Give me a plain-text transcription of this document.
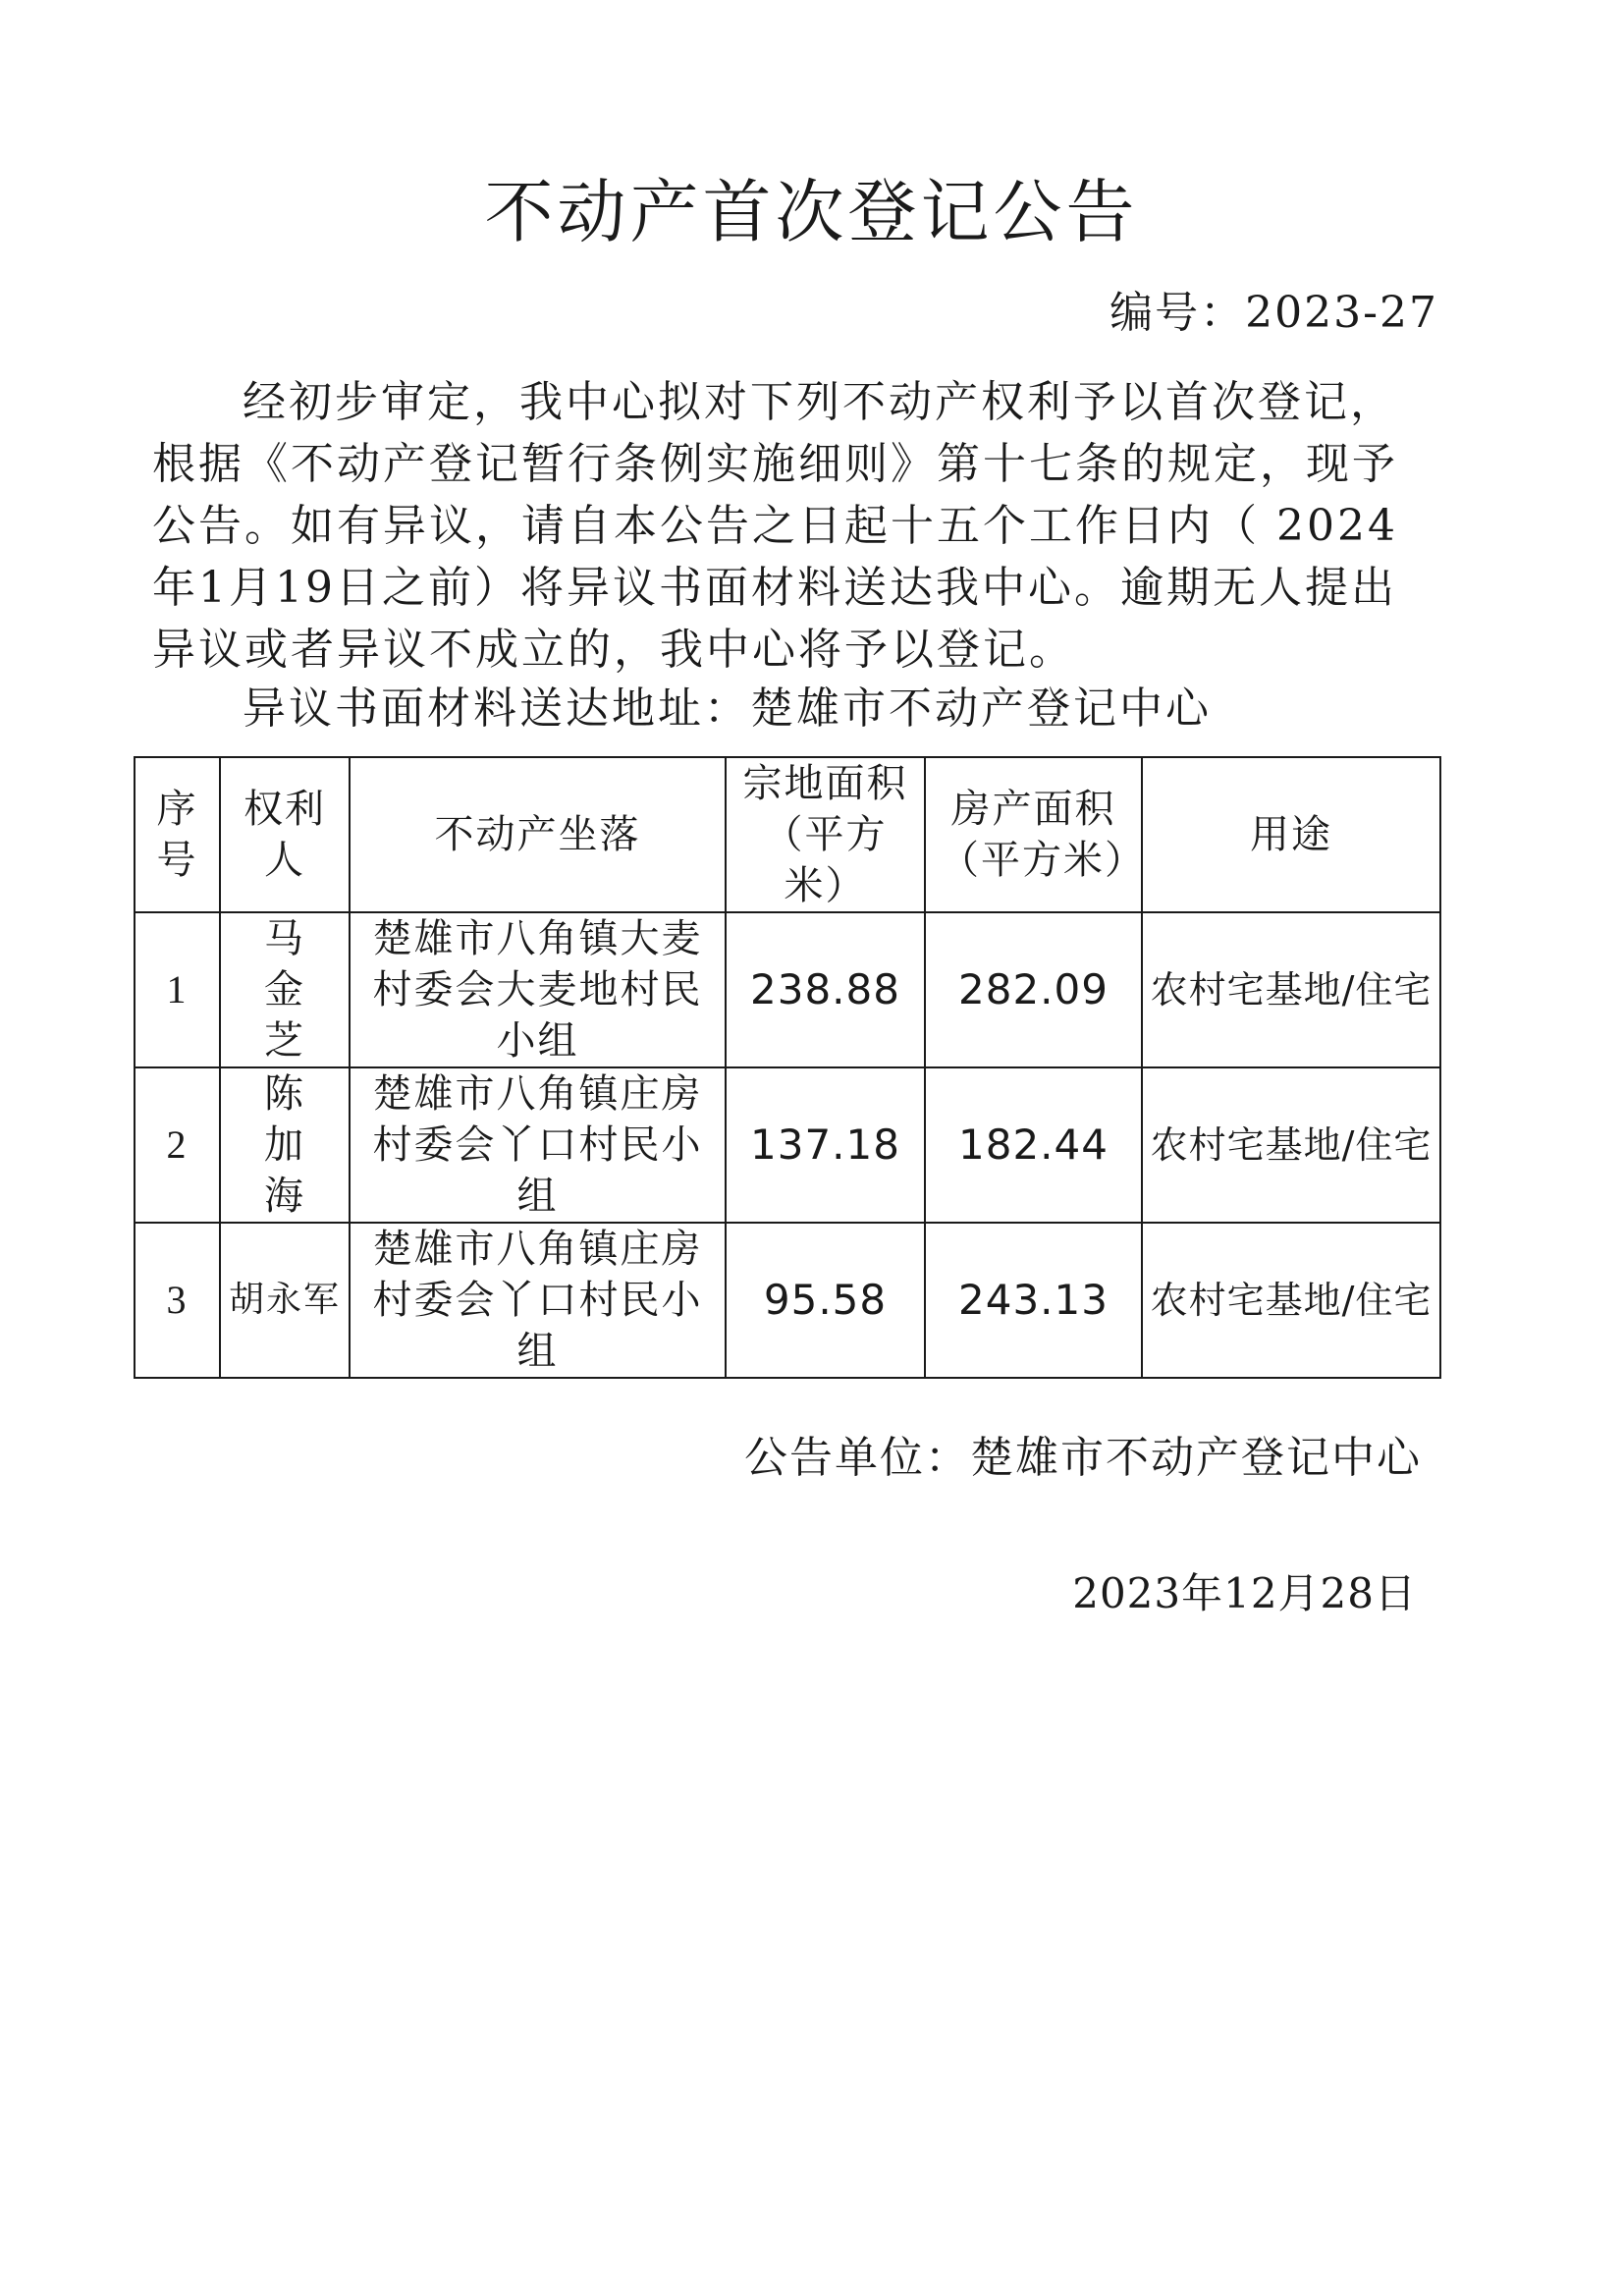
不动产首次登记公告
编号：2023-27
经初步审定，我中心拟对下列不动产权利予以首次登记，根据《不动产登记暂行条例实施细则》第十七条的规定，现予公告。如有异议，请自本公告之日起十五个工作日内（ 2024 年1月19日之前）将异议书面材料送达我中心。逾期无人提出异议或者异议不成立的，我中心将予以登记。
异议书面材料送达地址：楚雄市不动产登记中心
序号	权利人	不动产坐落	宗地面积（平方米）	房产面积（平方米）	用途
1	马金芝	楚雄市八角镇大麦村委会大麦地村民小组	238.88	282.09	农村宅基地/住宅
2	陈加海	楚雄市八角镇庄房村委会丫口村民小组	137.18	182.44	农村宅基地/住宅
3	胡永军	楚雄市八角镇庄房村委会丫口村民小组	95.58	243.13	农村宅基地/住宅
公告单位：楚雄市不动产登记中心
2023年12月28日
